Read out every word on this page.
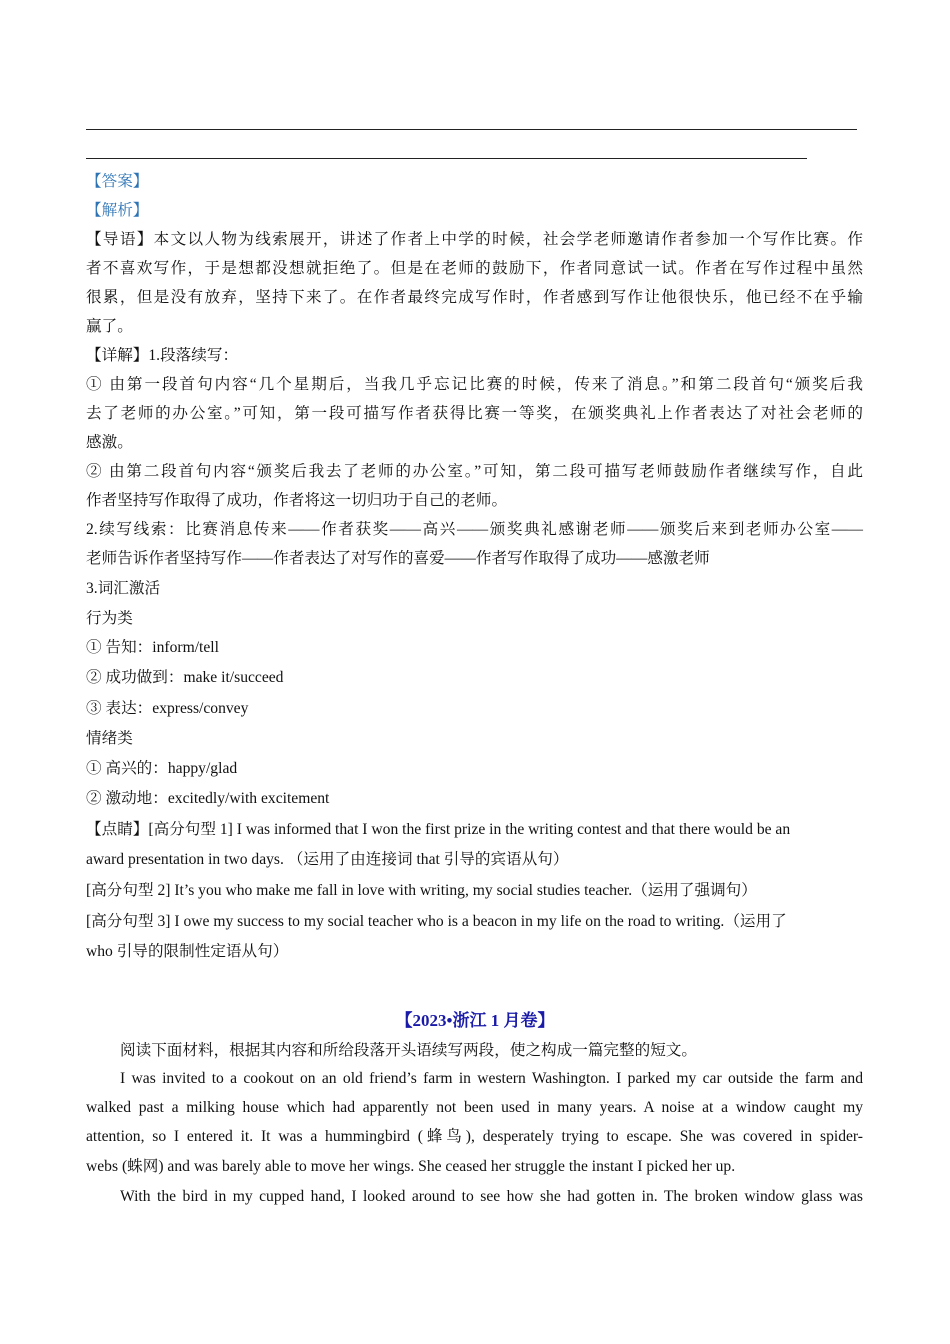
【答案】
【解析】
【导语】本文以人物为线索展开，讲述了作者上中学的时候，社会学老师邀请作者参加一个写作比赛。作
者不喜欢写作，于是想都没想就拒绝了。但是在老师的鼓励下，作者同意试一试。作者在写作过程中虽然
很累，但是没有放弃，坚持下来了。在作者最终完成写作时，作者感到写作让他很快乐，他已经不在乎输
赢了。
【详解】1.段落续写：
① 由第一段首句内容“几个星期后，当我几乎忘记比赛的时候，传来了消息。”和第二段首句“颁奖后我
去了老师的办公室。”可知，第一段可描写作者获得比赛一等奖，在颁奖典礼上作者表达了对社会老师的
感激。
② 由第二段首句内容“颁奖后我去了老师的办公室。”可知，第二段可描写老师鼓励作者继续写作，自此
作者坚持写作取得了成功，作者将这一切归功于自己的老师。
2.续写线索：比赛消息传来——作者获奖——高兴——颁奖典礼感谢老师——颁奖后来到老师办公室——
老师告诉作者坚持写作——作者表达了对写作的喜爱——作者写作取得了成功——感激老师
3.词汇激活
行为类
① 告知：inform/tell
② 成功做到：make it/succeed
③ 表达：express/convey
情绪类
① 高兴的：happy/glad
② 激动地：excitedly/with excitement
【点睛】[高分句型 1] I was informed that I won the first prize in the writing contest and that there would be an
award presentation in two days. （运用了由连接词 that 引导的宾语从句）
[高分句型 2] It’s you who make me fall in love with writing, my social studies teacher.（运用了强调句）
[高分句型 3] I owe my success to my social teacher who is a beacon in my life on the road to writing.（运用了
who 引导的限制性定语从句）
【2023•浙江 1 月卷】
阅读下面材料，根据其内容和所给段落开头语续写两段，使之构成一篇完整的短文。
I was invited to a cookout on an old friend’s farm in western Washington. I parked my car outside the farm and
walked past a milking house which had apparently not been used in many years. A noise at a window caught my
attention, so I entered it. It was a hummingbird (蜂鸟), desperately trying to escape. She was covered in spider-
webs (蛛网) and was barely able to move her wings. She ceased her struggle the instant I picked her up.
With the bird in my cupped hand, I looked around to see how she had gotten in. The broken window glass was
